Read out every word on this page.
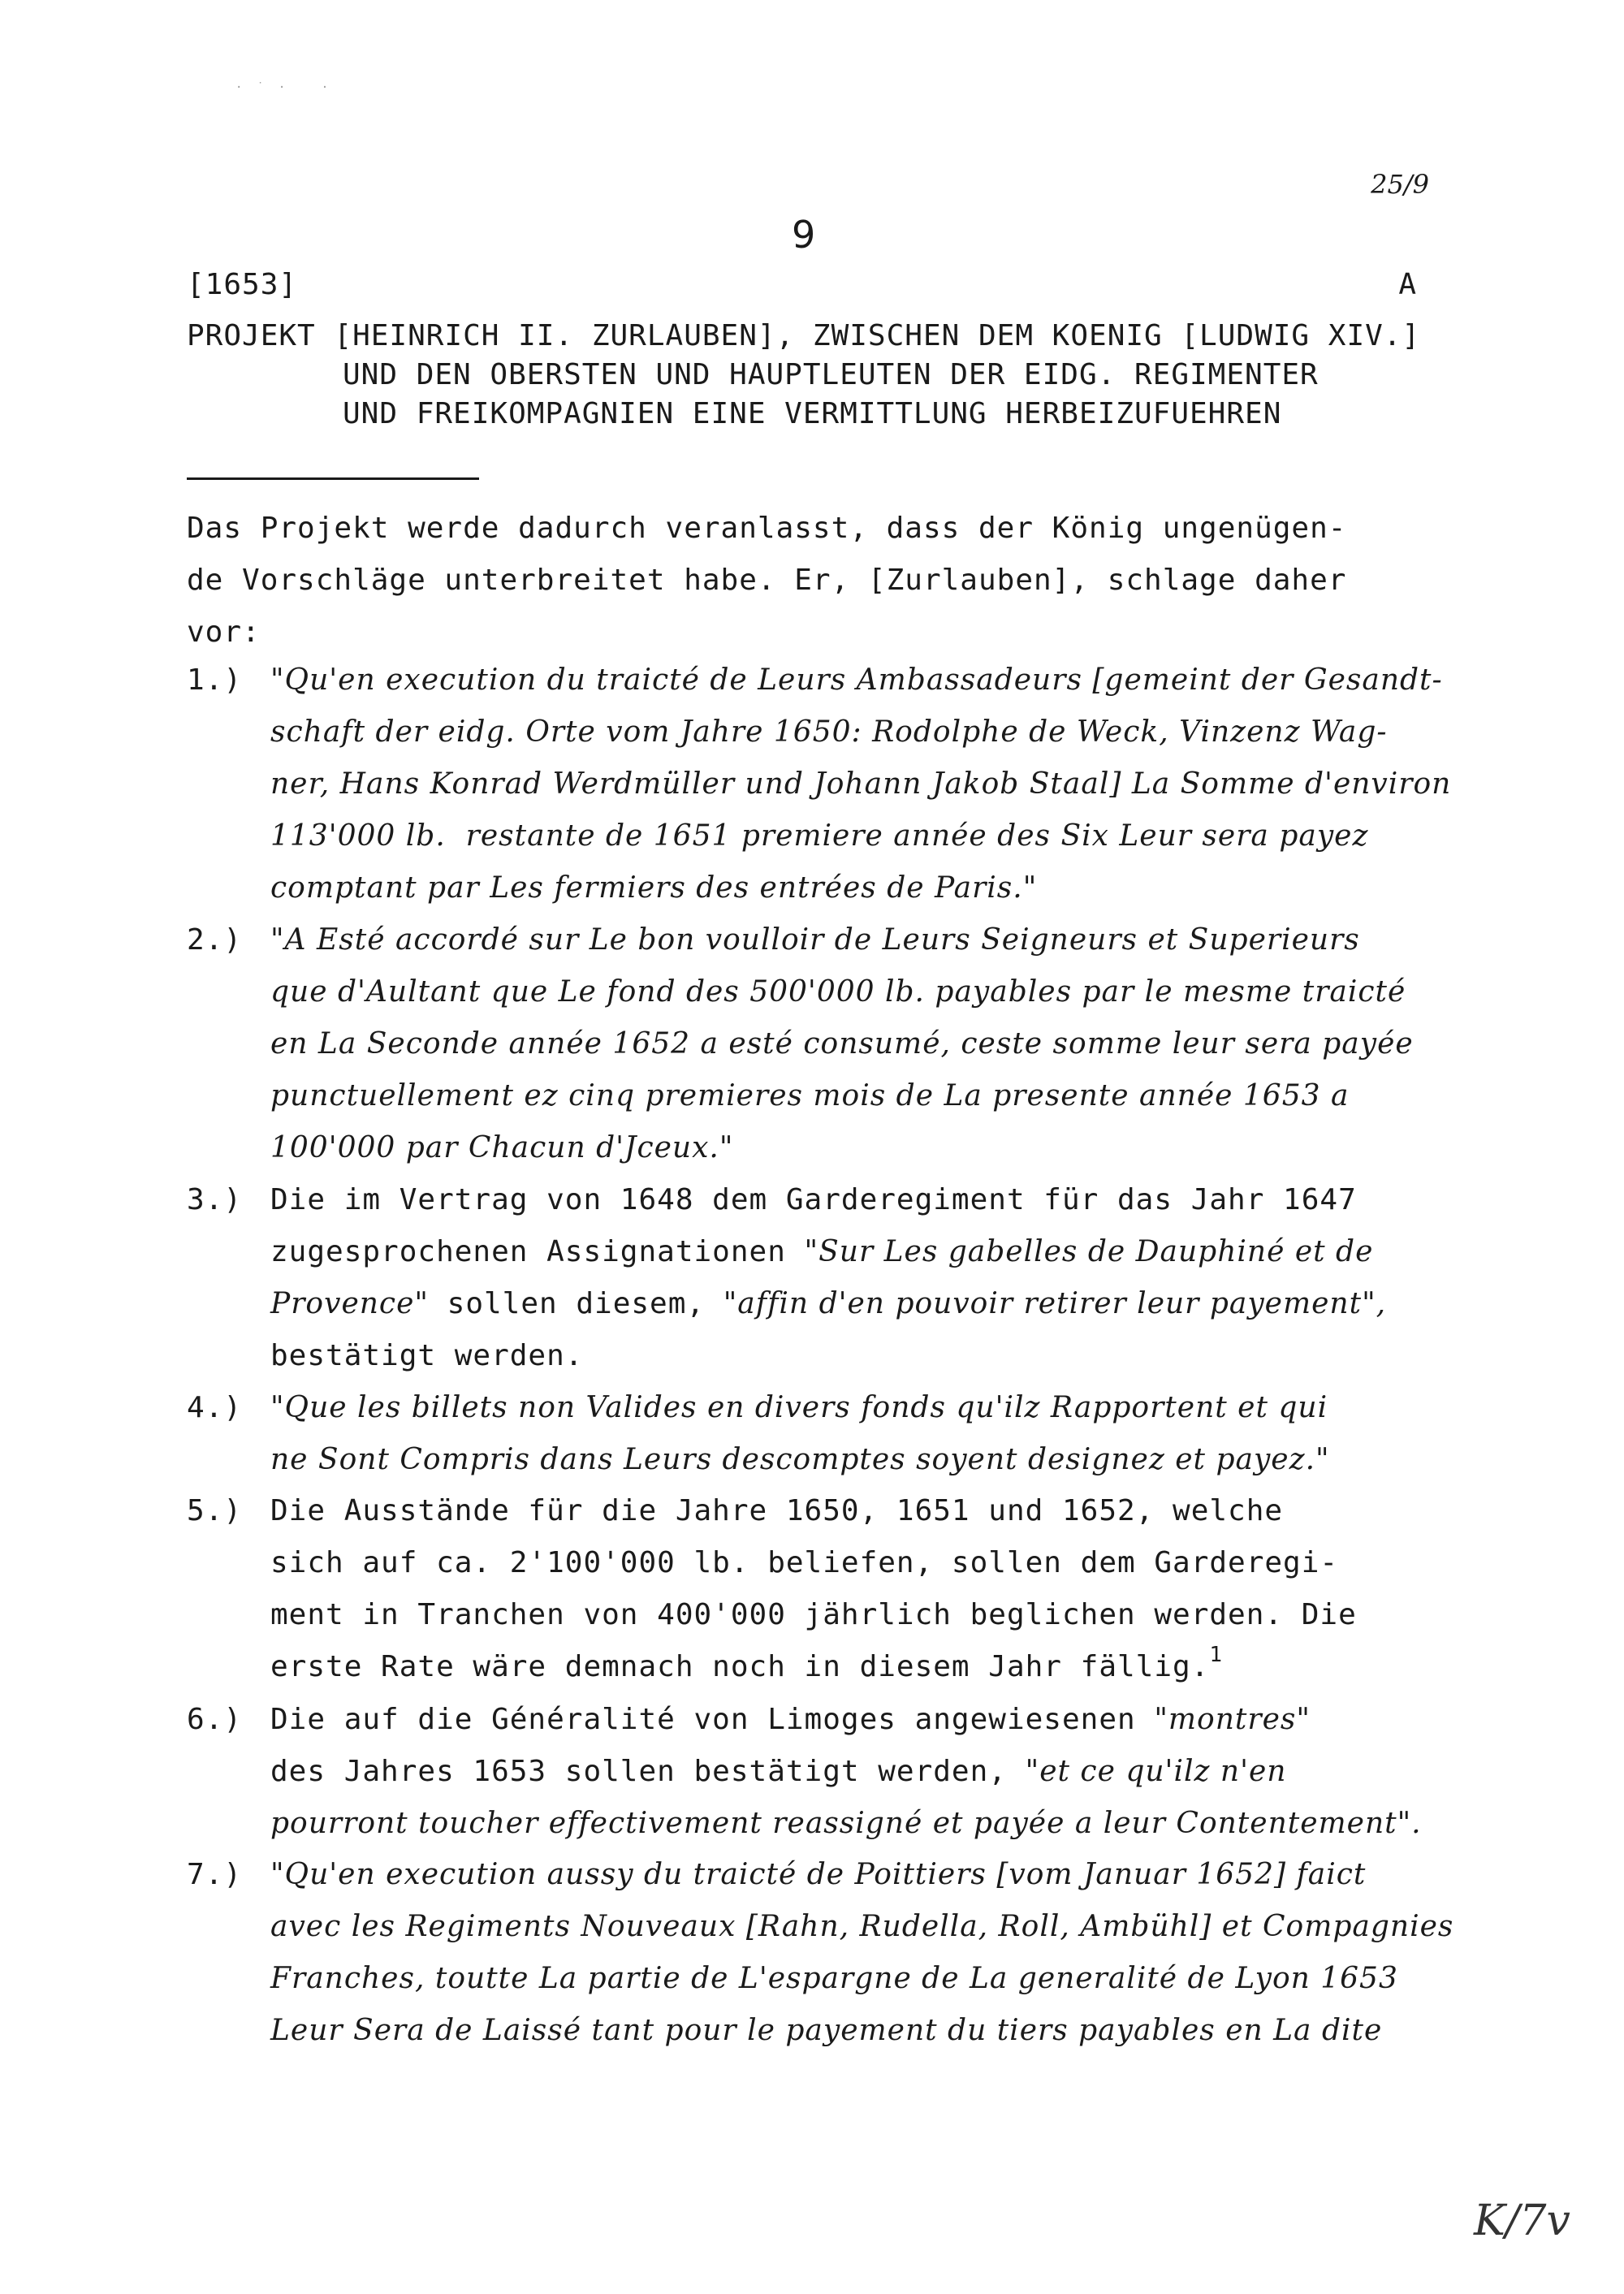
·˙· ·
25/9
9
[1653]	A
PROJEKT [HEINRICH II. ZURLAUBEN], ZWISCHEN DEM KOENIG [LUDWIG XIV.]
UND DEN OBERSTEN UND HAUPTLEUTEN DER EIDG. REGIMENTER
UND FREIKOMPAGNIEN EINE VERMITTLUNG HERBEIZUFUEHREN
Das Projekt werde dadurch veranlasst, dass der König ungenügen-
de Vorschläge unterbreitet habe. Er, [Zurlauben], schlage daher
vor:
1.) "Qu'en execution du traicté de Leurs Ambassadeurs [gemeint der Gesandt-
schaft der eidg. Orte vom Jahre 1650: Rodolphe de Weck, Vinzenz Wag-
ner, Hans Konrad Werdmüller und Johann Jakob Staal] La Somme d'environ
113'000 lb.  restante de 1651 premiere année des Six Leur sera payez
comptant par Les fermiers des entrées de Paris."
2.) "A Esté accordé sur Le bon voulloir de Leurs Seigneurs et Superieurs
que d'Aultant que Le fond des 500'000 lb. payables par le mesme traicté
en La Seconde année 1652 a esté consumé, ceste somme leur sera payée
punctuellement ez cinq premieres mois de La presente année 1653 a
100'000 par Chacun d'Jceux."
3.) Die im Vertrag von 1648 dem Garderegiment für das Jahr 1647
zugesprochenen Assignationen "Sur Les gabelles de Dauphiné et de
Provence" sollen diesem, "affin d'en pouvoir retirer leur payement",
bestätigt werden.
4.) "Que les billets non Valides en divers fonds qu'ilz Rapportent et qui
ne Sont Compris dans Leurs descomptes soyent designez et payez."
5.) Die Ausstände für die Jahre 1650, 1651 und 1652, welche
sich auf ca. 2'100'000 lb. beliefen, sollen dem Garderegi-
ment in Tranchen von 400'000 jährlich beglichen werden. Die
erste Rate wäre demnach noch in diesem Jahr fällig.1
6.) Die auf die Généralité von Limoges angewiesenen "montres"
des Jahres 1653 sollen bestätigt werden, "et ce qu'ilz n'en
pourront toucher effectivement reassigné et payée a leur Contentement".
7.) "Qu'en execution aussy du traicté de Poittiers [vom Januar 1652] faict
avec les Regiments Nouveaux [Rahn, Rudella, Roll, Ambühl] et Compagnies
Franches, toutte La partie de L'espargne de La generalité de Lyon 1653
Leur Sera de Laissé tant pour le payement du tiers payables en La dite
K/7v
